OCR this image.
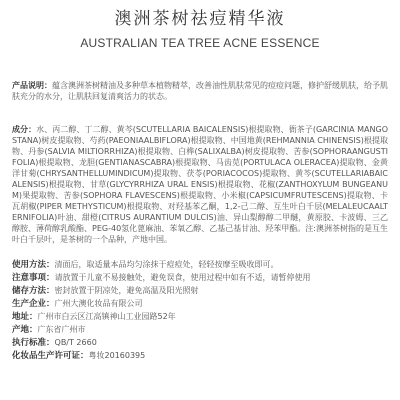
澳洲茶树祛痘精华液
AUSTRALIAN TEA TREE ACNE ESSENCE
产品说明：蕴含澳洲茶树精油及多种草本植物精萃，改善油性肌肤常见的痘痘问题，修护舒缓肌肤，给予肌肤充分的水分，让肌肤回复清爽活力的状态。
成分：水、丙二醇、丁二醇、黄芩(SCUTELLARIA BAICALENSIS)根提取物、衙茶子(GARCINIA MANGOSTANA)树皮提取物、芍药(PAEONIAALBIFLORA)根提取物、中国地黄(REHMANNIA CHINENSIS)根提取物、丹参(SALVIA MILTIORRHIZA)根提取物、白桦(SALIXALBA)树皮提取物、苦参(SOPHORAANGUSTIFOLIA)根提取物、龙胆(GENTIANASCABRA)根提取物、马齿苋(PORTULACA OLERACEA)提取物、金黄洋甘菊(CHRYSANTHELLUMINDICUM)提取物、茯苓(PORIACOCOS)提取物、黄芩(SCUTELLARIABAICALENSIS)根提取物、甘草(GLYCYRRHIZA URAL ENSIS)根提取物、花椒(ZANTHOXYLUM BUNGEANUM)果提取物、苦参(SOPHORA FLAVESCENS)根提取物、小米椒(CAPSICUMFRUTESCENS)提取物、卡瓦胡椒(PIPER METHYSTICUM)根提取物、对羟基苯乙酮，1,2-己二醇、互生叶白千层(MELALEUCAALTERNIFOLIA)叶油、甜橙(CITRUS AURANTIUM DULCIS)油、异山梨醇醇二甲醚，黄原胶、卡波姆、三乙醇胺、薄荷醇乳酸酯、PEG-40氢化蓖麻油、苯氧乙醇、乙基己基甘油、羟苯甲酯。注:澳洲茶树指的是互生叶白千层叶，是茶树的一个品种，产地中国。
使用方法：清面后，取适量本品均匀涂抹于痘痘处，轻轻按摩至吸收即可。
注意事项：请放置于儿童不易接触处，避免误食，使用过程中如有不适，请暂停使用
储存方法：密封放置于阴凉处，避免高温及阳光照射
生产企业：广州大澳化妆品有限公司
地址：广州市白云区江高镇神山工业园路52年
产地：广东省广州市
执行标准：QB/T 2660
化妆品生产许可证：粤妆20160395
